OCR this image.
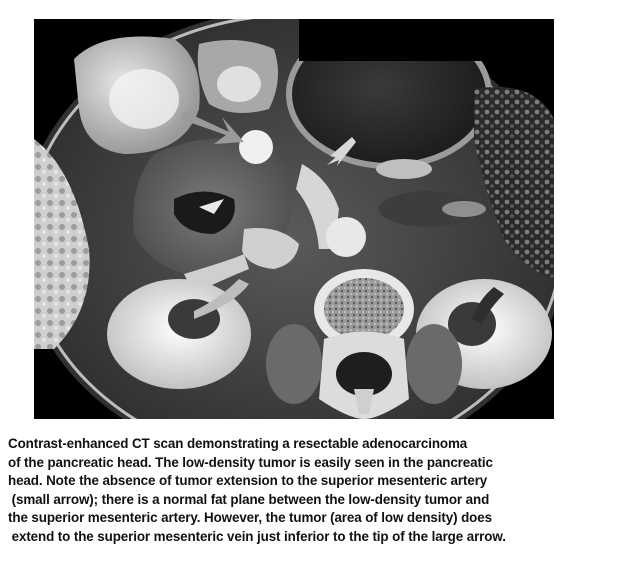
Contrast-enhanced CT scan demonstrating a resectable adenocarcinoma
of the pancreatic head. The low-density tumor is easily seen in the pancreatic
head. Note the absence of tumor extension to the superior mesenteric artery
(small arrow); there is a normal fat plane between the low-density tumor and
the superior mesenteric artery. However, the tumor (area of low density) does
extend to the superior mesenteric vein just inferior to the tip of the large arrow.
